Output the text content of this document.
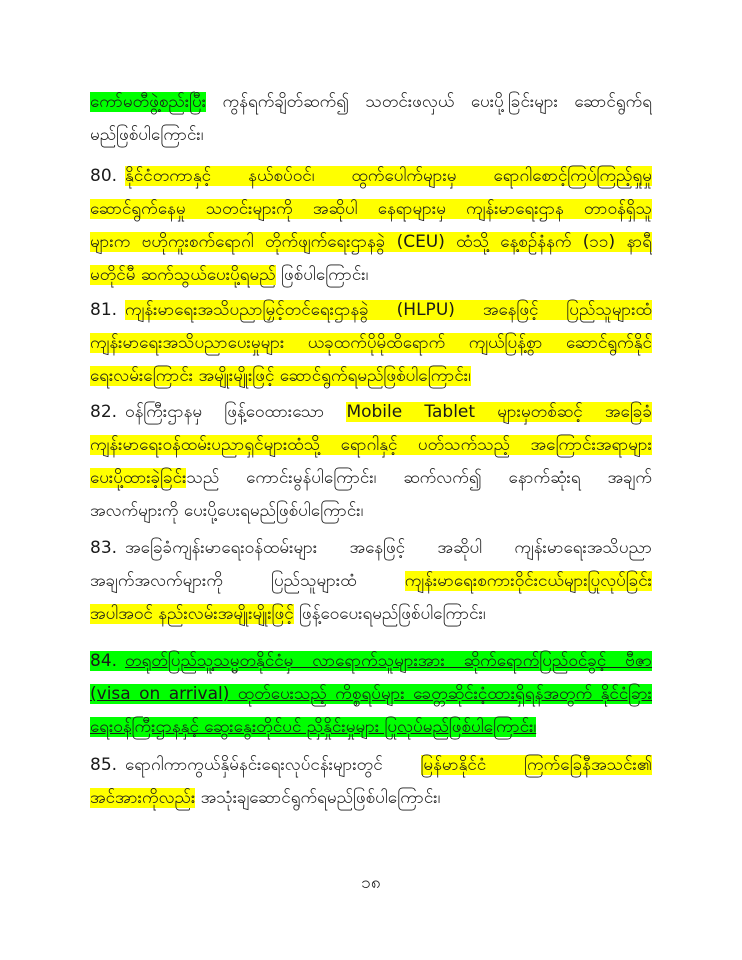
ကော်မတီဖွဲ့စည်းပြီး ကွန်ရက်ချိတ်ဆက်၍ သတင်းဖလှယ် ပေးပို့ခြင်းများ ဆောင်ရွက်ရ
မည်ဖြစ်ပါကြောင်း၊
80. နိုင်ငံတကာနှင့် နယ်စပ်ဝင်၊ ထွက်ပေါက်များမှ ရောဂါစောင့်ကြပ်ကြည့်ရှုမှု
ဆောင်ရွက်နေမှု သတင်းများကို အဆိုပါ နေရာများမှ ကျန်းမာရေးဌာန တာဝန်ရှိသူ
များက ဗဟိုကူးစက်ရောဂါ တိုက်ဖျက်ရေးဌာနခွဲ (CEU) ထံသို့ နေ့စဉ်နံနက် (၁၁) နာရီ
မတိုင်မီ ဆက်သွယ်ပေးပို့ရမည် ဖြစ်ပါကြောင်း၊
81. ကျန်းမာရေးအသိပညာမြှင့်တင်ရေးဌာနခွဲ (HLPU) အနေဖြင့် ပြည်သူများထံ
ကျန်းမာရေးအသိပညာပေးမှုများ ယခုထက်ပိုမိုထိရောက် ကျယ်ပြန့်စွာ ဆောင်ရွက်နိုင်
ရေးလမ်းကြောင်း အမျိုးမျိုးဖြင့် ဆောင်ရွက်ရမည်ဖြစ်ပါကြောင်း၊
82. ဝန်ကြီးဌာနမှ ဖြန့်ဝေထားသော Mobile Tablet များမှတစ်ဆင့် အခြေခံ
ကျန်းမာရေးဝန်ထမ်းပညာရှင်များထံသို့ ရောဂါနှင့် ပတ်သက်သည့် အကြောင်းအရာများ
ပေးပို့ထားခဲ့ခြင်းသည် ကောင်းမွန်ပါကြောင်း၊ ဆက်လက်၍ နောက်ဆုံးရ အချက်
အလက်များကို ပေးပို့ပေးရမည်ဖြစ်ပါကြောင်း၊
83. အခြေခံကျန်းမာရေးဝန်ထမ်းများ အနေဖြင့် အဆိုပါ ကျန်းမာရေးအသိပညာ
အချက်အလက်များကို ပြည်သူများထံ ကျန်းမာရေးစကားဝိုင်းငယ်များပြုလုပ်ခြင်း
အပါအဝင် နည်းလမ်းအမျိုးမျိုးဖြင့် ဖြန့်ဝေပေးရမည်ဖြစ်ပါကြောင်း၊
84. တရုတ်ပြည်သူ့သမ္မတနိုင်ငံမှ လာရောက်သူများအား ဆိုက်ရောက်ပြည်ဝင်ခွင့် ဗီဇာ
(visa on arrival) ထုတ်ပေးသည့် ကိစ္စရပ်များ ခေတ္တဆိုင်းငံ့ထားရှိရန်အတွက် နိုင်ငံခြား
ရေးဝန်ကြီးဌာနနှင့် ဆွေးနွေးတိုင်ပင် ညှိနှိုင်းမှုများ ပြုလုပ်မည်ဖြစ်ပါကြောင်း၊
85. ရောဂါကာကွယ်နှိမ်နင်းရေးလုပ်ငန်းများတွင် မြန်မာနိုင်ငံ ကြက်ခြေနီအသင်း၏
အင်အားကိုလည်း အသုံးချဆောင်ရွက်ရမည်ဖြစ်ပါကြောင်း၊
၁၈
